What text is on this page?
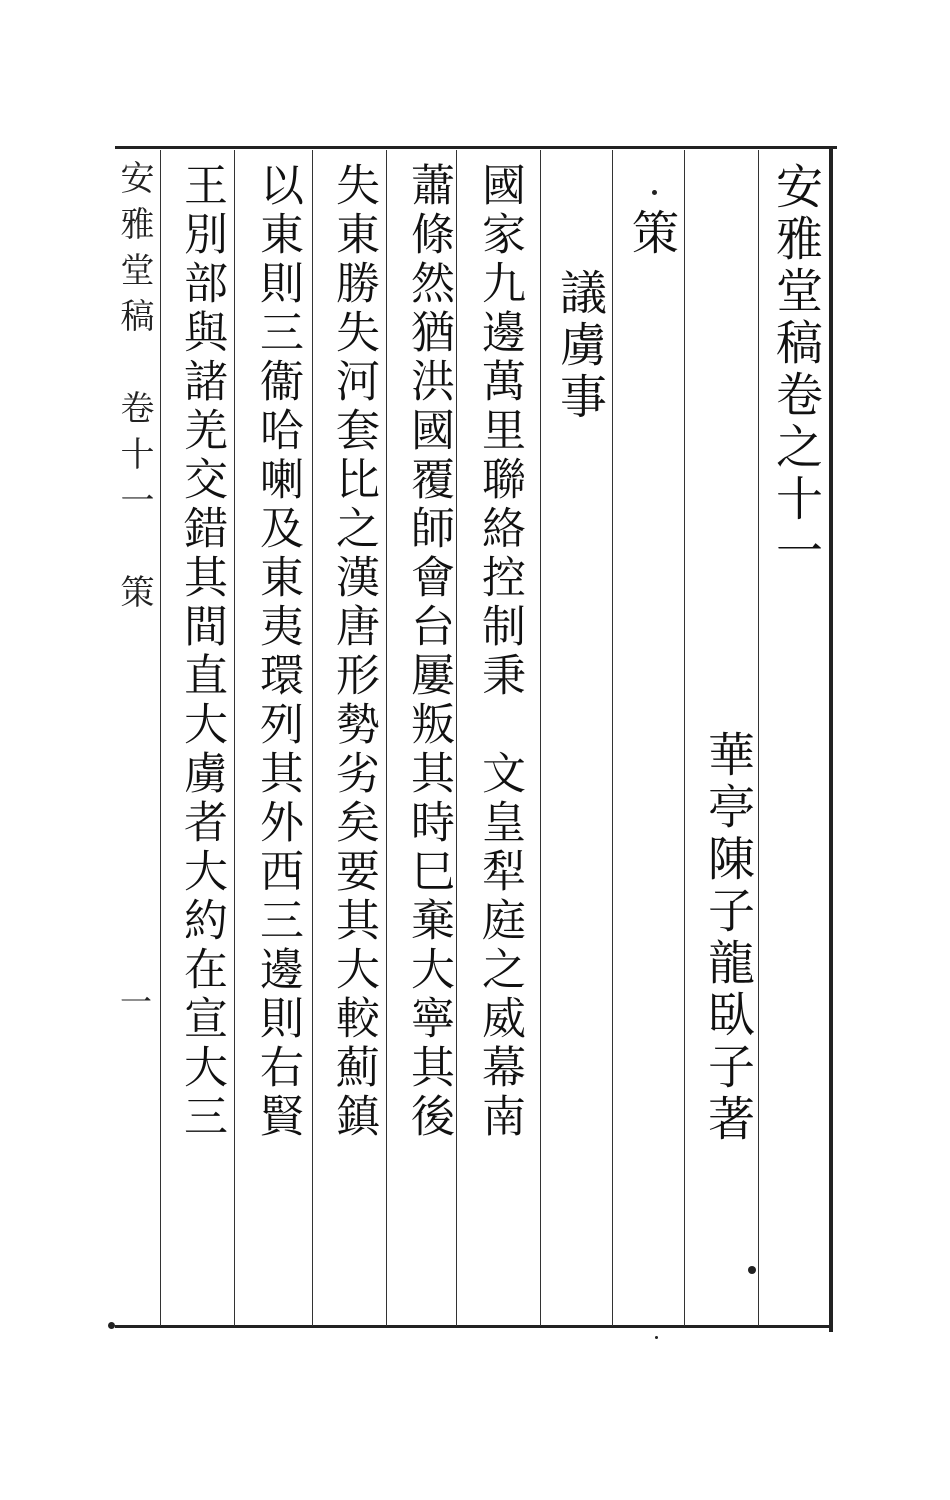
安雅堂稿卷之十一
華亭陳子龍臥子著
策
議虜事
國家九邊萬里聯絡控制秉　文皇犁庭之威幕南
蕭條然猶洪國覆師會台屢叛其時巳棄大寧其後
失東勝失河套比之漢唐形勢劣矣要其大較薊鎮
以東則三衞哈喇及東夷環列其外西三邊則右賢
王別部與諸羌交錯其間直大虜者大約在宣大三
安雅堂稿　卷十一　策
一
